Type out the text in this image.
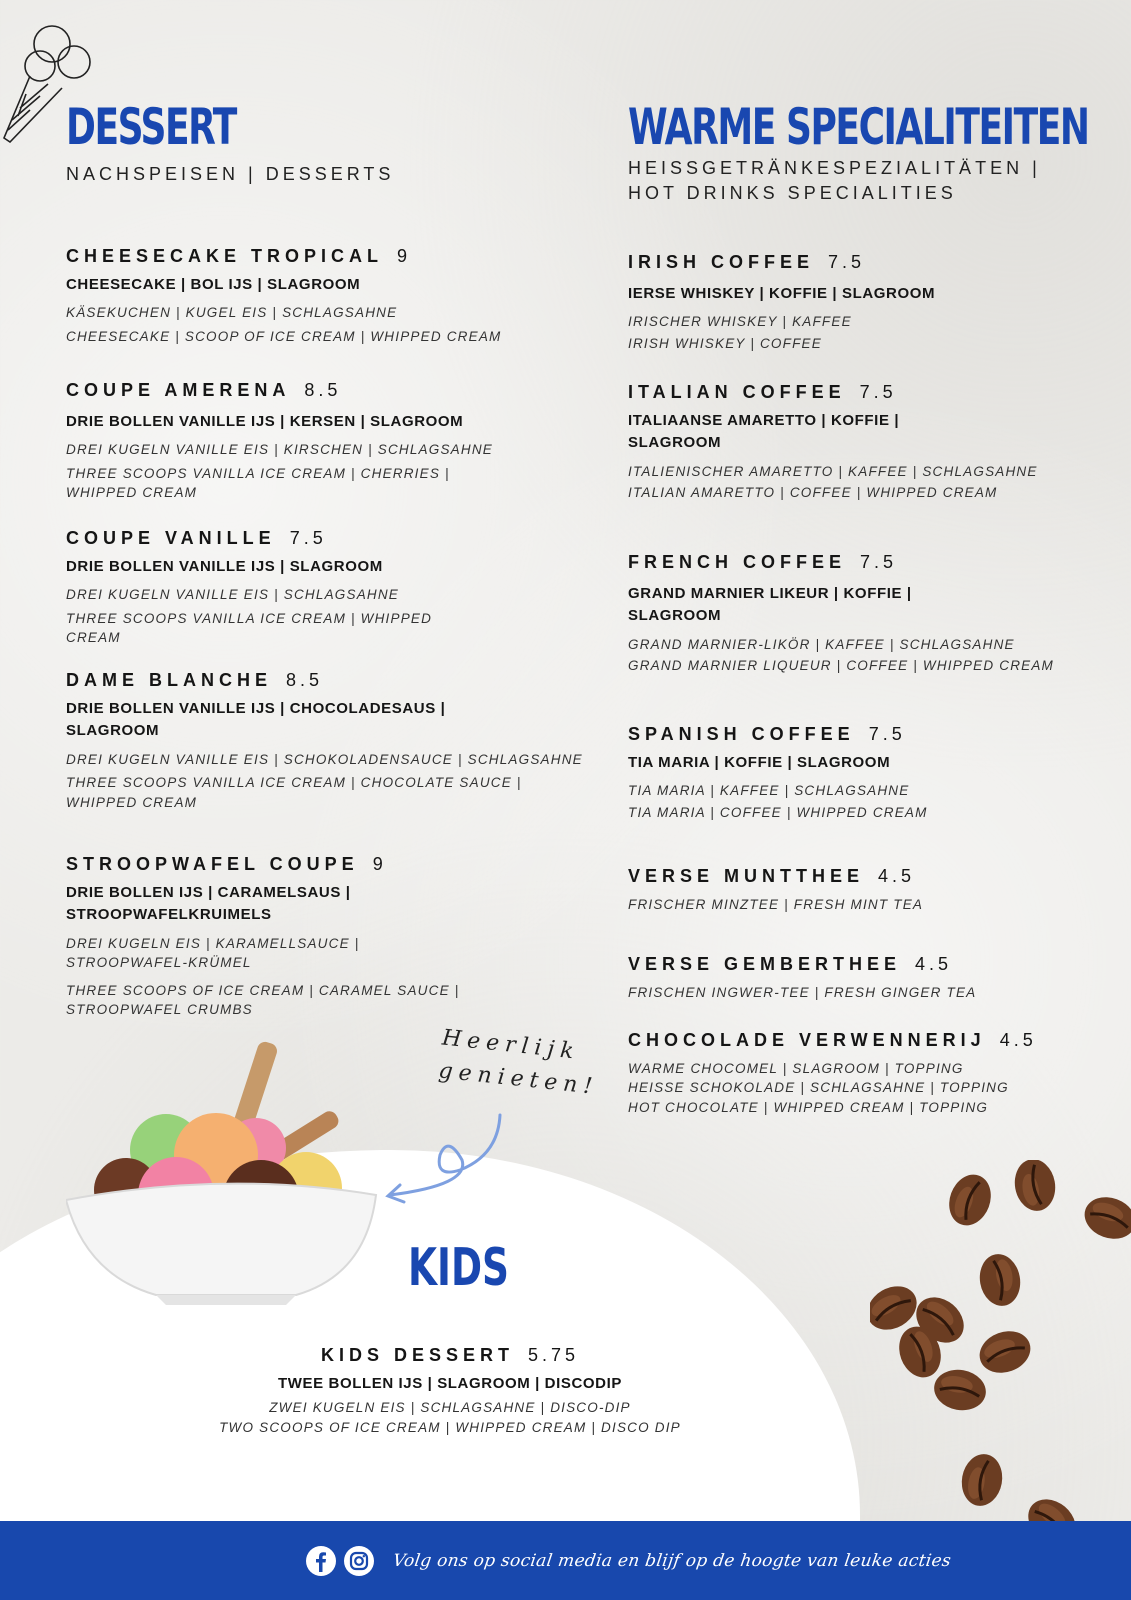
DESSERT
NACHSPEISEN | DESSERTS
CHEESECAKE TROPICAL 9
CHEESECAKE | BOL IJS | SLAGROOM
KÄSEKUCHEN | KUGEL EIS | SCHLAGSAHNE
CHEESECAKE | SCOOP OF ICE CREAM | WHIPPED CREAM
COUPE AMERENA 8.5
DRIE BOLLEN VANILLE IJS | KERSEN | SLAGROOM
DREI KUGELN VANILLE EIS | KIRSCHEN | SCHLAGSAHNE
THREE SCOOPS VANILLA ICE CREAM | CHERRIES | WHIPPED CREAM
COUPE VANILLE 7.5
DRIE BOLLEN VANILLE IJS | SLAGROOM
DREI KUGELN VANILLE EIS | SCHLAGSAHNE
THREE SCOOPS VANILLA ICE CREAM | WHIPPED CREAM
DAME BLANCHE 8.5
DRIE BOLLEN VANILLE IJS | CHOCOLADESAUS | SLAGROOM
DREI KUGELN VANILLE EIS | SCHOKOLADENSAUCE | SCHLAGSAHNE
THREE SCOOPS VANILLA ICE CREAM | CHOCOLATE SAUCE | WHIPPED CREAM
STROOPWAFEL COUPE 9
DRIE BOLLEN IJS | CARAMELSAUS | STROOPWAFELKRUIMELS
DREI KUGELN EIS | KARAMELLSAUCE | STROOPWAFEL-KRÜMEL
THREE SCOOPS OF ICE CREAM | CARAMEL SAUCE | STROOPWAFEL CRUMBS
WARME SPECIALITEITEN
HEISSGETRÄNKESPEZIALITÄTEN | HOT DRINKS SPECIALITIES
IRISH COFFEE 7.5
IERSE WHISKEY | KOFFIE | SLAGROOM
IRISCHER WHISKEY | KAFFEE
IRISH WHISKEY | COFFEE
ITALIAN COFFEE 7.5
ITALIAANSE AMARETTO | KOFFIE | SLAGROOM
ITALIENISCHER AMARETTO | KAFFEE | SCHLAGSAHNE
ITALIAN AMARETTO | COFFEE | WHIPPED CREAM
FRENCH COFFEE 7.5
GRAND MARNIER LIKEUR | KOFFIE | SLAGROOM
GRAND MARNIER-LIKÖR | KAFFEE | SCHLAGSAHNE
GRAND MARNIER LIQUEUR | COFFEE | WHIPPED CREAM
SPANISH COFFEE 7.5
TIA MARIA | KOFFIE | SLAGROOM
TIA MARIA | KAFFEE | SCHLAGSAHNE
TIA MARIA | COFFEE | WHIPPED CREAM
VERSE MUNTTHEE 4.5
FRISCHER MINZTEE | FRESH MINT TEA
VERSE GEMBERTHEE 4.5
FRISCHEN INGWER-TEE | FRESH GINGER TEA
CHOCOLADE VERWENNERIJ 4.5
WARME CHOCOMEL | SLAGROOM | TOPPING
HEISSE SCHOKOLADE | SCHLAGSAHNE | TOPPING
HOT CHOCOLATE | WHIPPED CREAM | TOPPING
Heerlijk
genieten!
KIDS
KIDS DESSERT 5.75
TWEE BOLLEN IJS | SLAGROOM | DISCODIP
ZWEI KUGELN EIS | SCHLAGSAHNE | DISCO-DIP
TWO SCOOPS OF ICE CREAM | WHIPPED CREAM | DISCO DIP
Volg ons op social media en blijf op de hoogte van leuke acties
